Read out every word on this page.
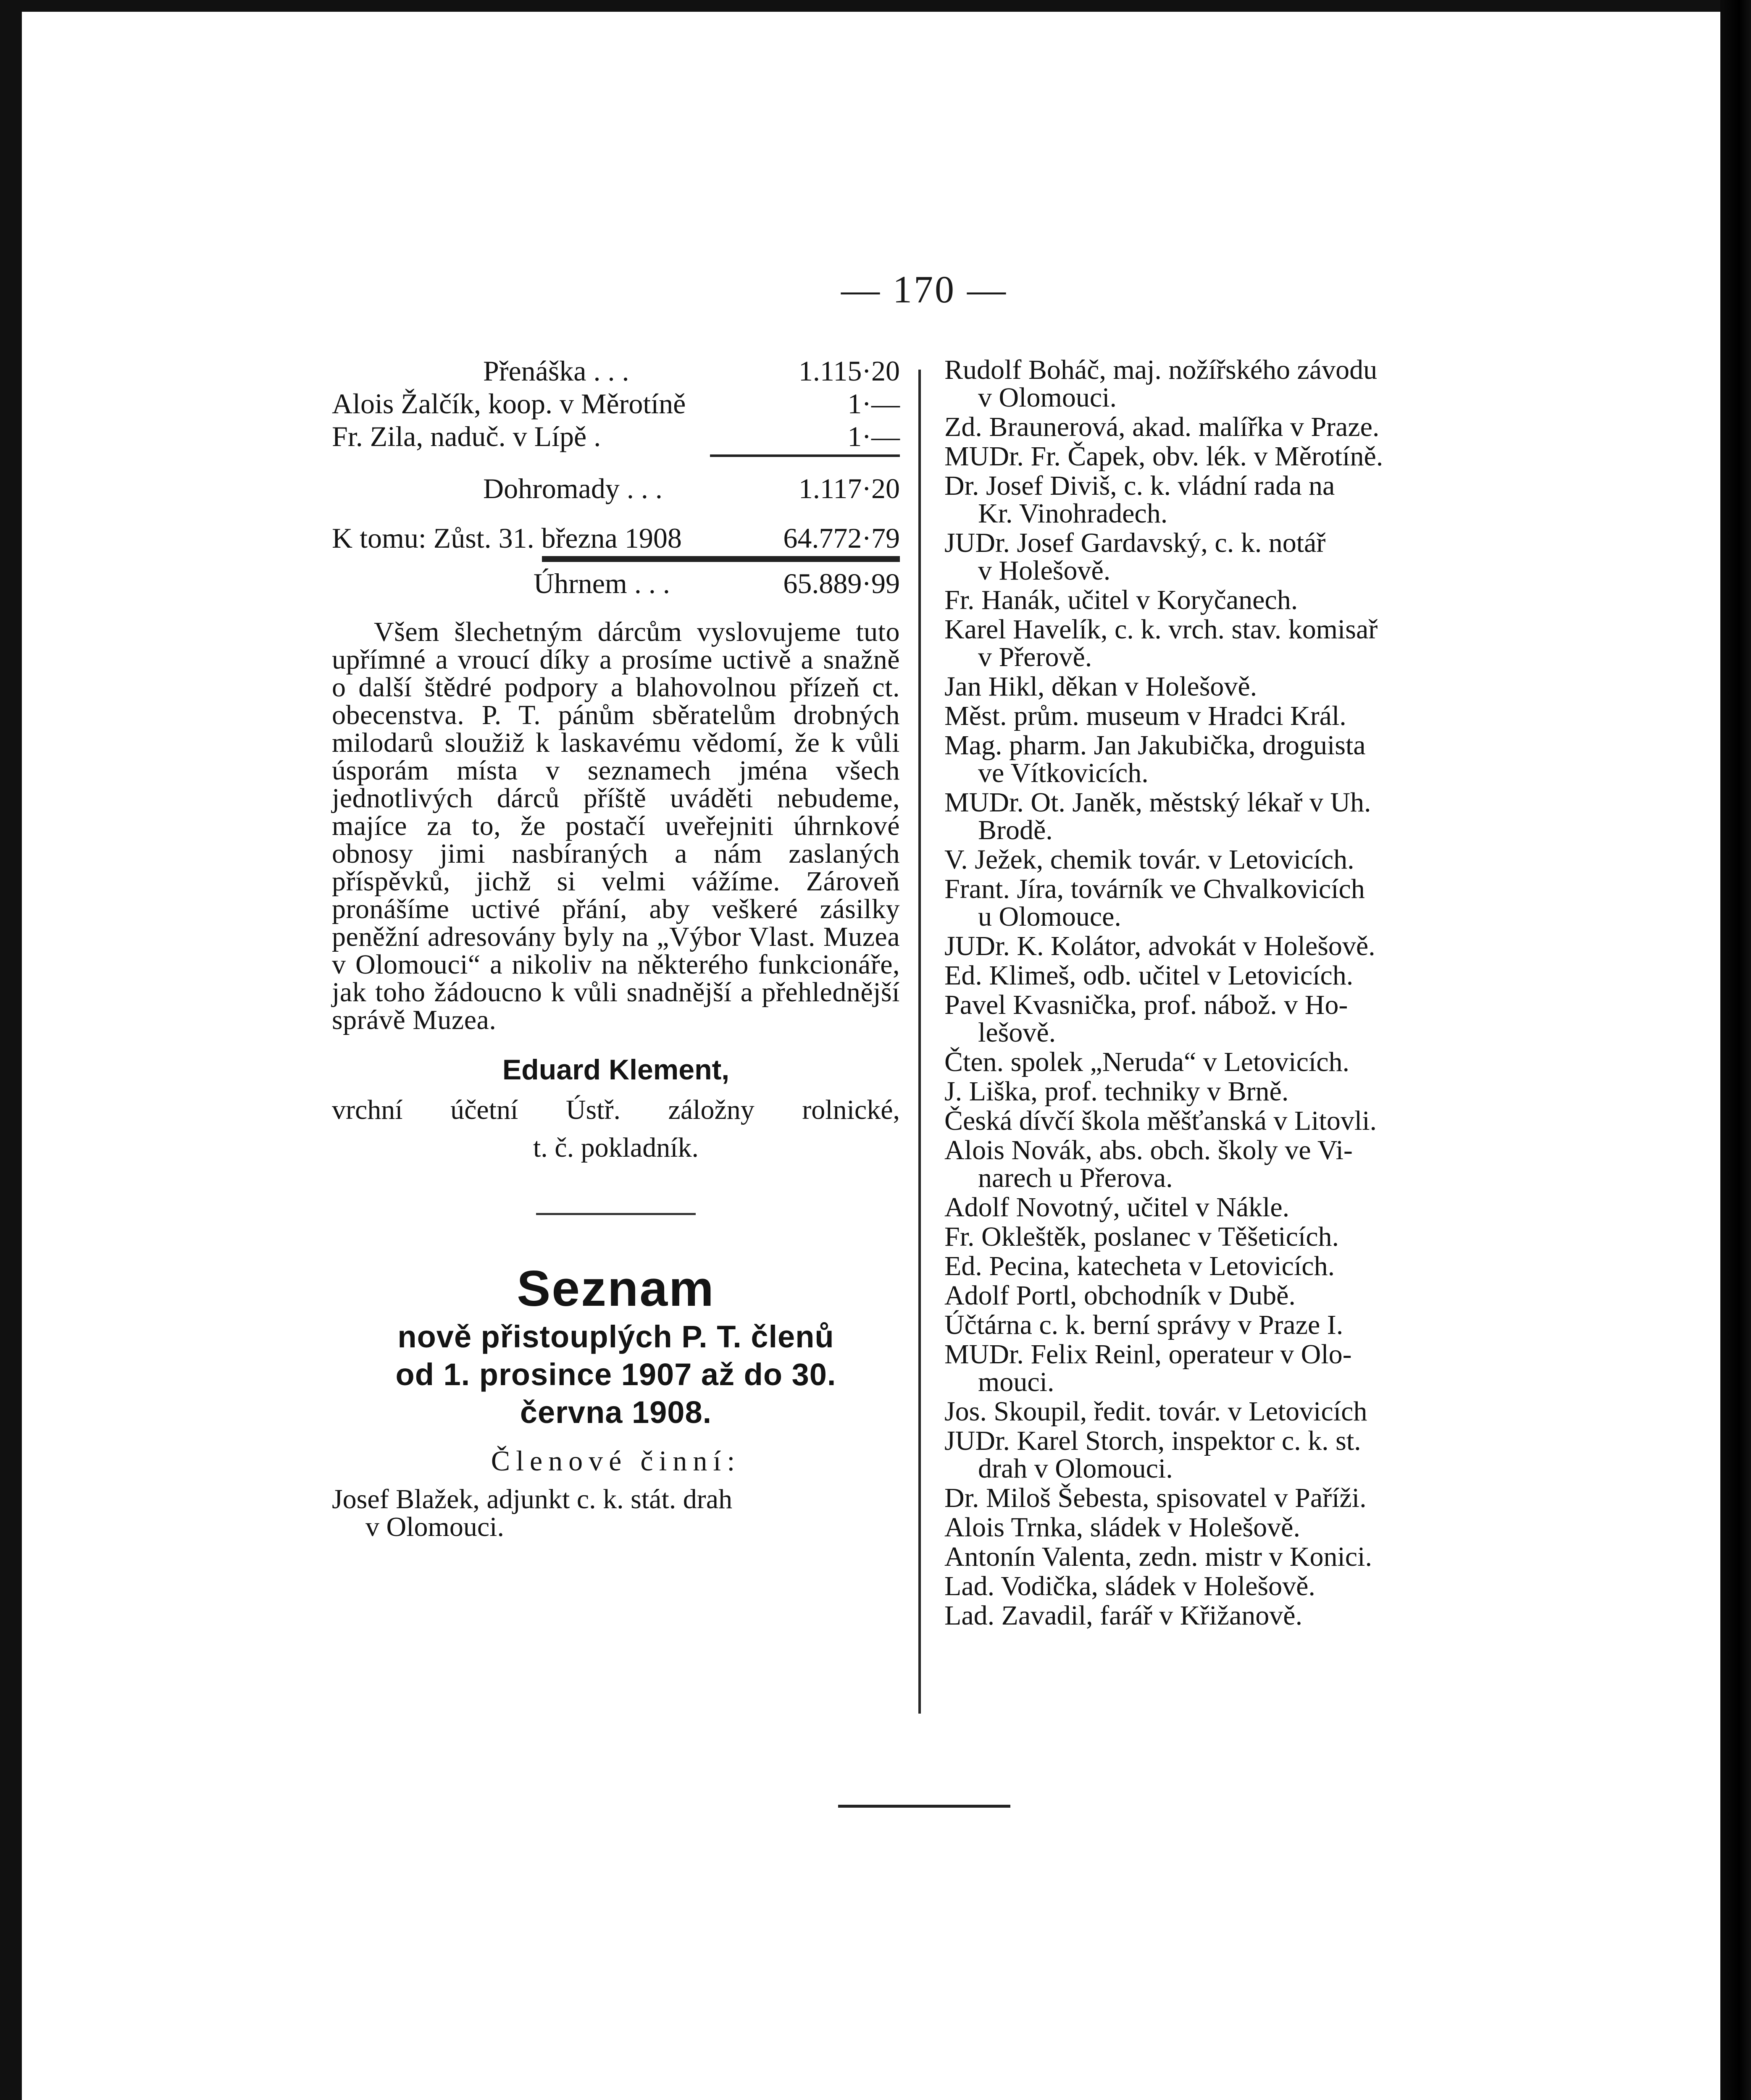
— 170 —
Přenáška . . .	1.115·20
Alois Žalčík, koop. v Měrotíně	1·—
Fr. Zila, naduč. v Lípě .	1·—
Dohromady . . .	1.117·20
K tomu: Zůst. 31. března 1908	64.772·79
Úhrnem . . .	65.889·99
Všem šlechetným dárcům vyslovujeme tuto upřímné a vroucí díky a prosíme uctivě a snažně o další štědré podpory a blahovolnou přízeň ct. obecenstva. P. T. pánům sběratelům drobných milodarů sloužiž k laskavému vědomí, že k vůli úsporám místa v seznamech jména všech jednotlivých dárců příště uváděti nebudeme, majíce za to, že postačí uveřejniti úhrnkové obnosy jimi nasbíraných a nám zaslaných příspěvků, jichž si velmi vážíme. Zároveň pronášíme uctivé přání, aby veškeré zásilky peněžní adresovány byly na „Výbor Vlast. Muzea v Olomouci“ a nikoliv na některého funkcionáře, jak toho žádoucno k vůli snadnější a přehlednější správě Muzea.
Eduard Klement,
vrchní účetní Ústř. záložny rolnické,
t. č. pokladník.
Seznam
nově přistouplých P. T. členů
od 1. prosince 1907 až do 30.
června 1908.
Členové činní:
Josef Blažek, adjunkt c. k. stát. drah
v Olomouci.
Rudolf Boháč, maj. nožířského závodu
v Olomouci.
Zd. Braunerová, akad. malířka v Praze.
MUDr. Fr. Čapek, obv. lék. v Měrotíně.
Dr. Josef Diviš, c. k. vládní rada na
Kr. Vinohradech.
JUDr. Josef Gardavský, c. k. notář
v Holešově.
Fr. Hanák, učitel v Koryčanech.
Karel Havelík, c. k. vrch. stav. komisař
v Přerově.
Jan Hikl, děkan v Holešově.
Měst. prům. museum v Hradci Král.
Mag. pharm. Jan Jakubička, droguista
ve Vítkovicích.
MUDr. Ot. Janěk, městský lékař v Uh.
Brodě.
V. Ježek, chemik továr. v Letovicích.
Frant. Jíra, továrník ve Chvalkovicích
u Olomouce.
JUDr. K. Kolátor, advokát v Holešově.
Ed. Klimeš, odb. učitel v Letovicích.
Pavel Kvasnička, prof. nábož. v Ho-
lešově.
Čten. spolek „Neruda“ v Letovicích.
J. Liška, prof. techniky v Brně.
Česká dívčí škola měšťanská v Litovli.
Alois Novák, abs. obch. školy ve Vi-
narech u Přerova.
Adolf Novotný, učitel v Nákle.
Fr. Okleštěk, poslanec v Těšeticích.
Ed. Pecina, katecheta v Letovicích.
Adolf Portl, obchodník v Dubě.
Účtárna c. k. berní správy v Praze I.
MUDr. Felix Reinl, operateur v Olo-
mouci.
Jos. Skoupil, ředit. továr. v Letovicích
JUDr. Karel Storch, inspektor c. k. st.
drah v Olomouci.
Dr. Miloš Šebesta, spisovatel v Paříži.
Alois Trnka, sládek v Holešově.
Antonín Valenta, zedn. mistr v Konici.
Lad. Vodička, sládek v Holešově.
Lad. Zavadil, farář v Křižanově.
